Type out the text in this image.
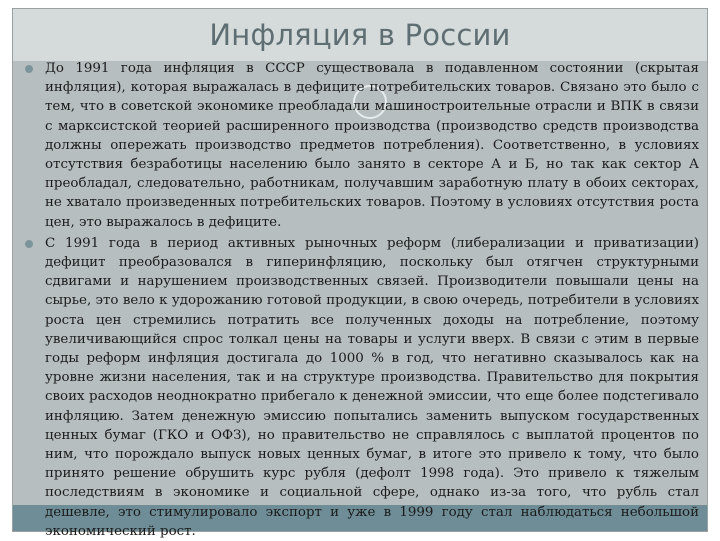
Инфляция в России
До 1991 года инфляция в СССР существовала в подавленном состоянии (скрытая инфляция), которая выражалась в дефиците потребительских товаров. Связано это было с тем, что в советской экономике преобладали машиностроительные отрасли и ВПК в связи с марксистской теорией расширенного производства (производство средств производства должны опережать производство предметов потребления). Соответственно, в условиях отсутствия безработицы населению было занято в секторе А и Б, но так как сектор А преобладал, следовательно, работникам, получавшим заработную плату в обоих секторах, не хватало произведенных потребительских товаров. Поэтому в условиях отсутствия роста цен, это выражалось в дефиците.
С 1991 года в период активных рыночных реформ (либерализации и приватизации) дефицит преобразовался в гиперинфляцию, поскольку был отягчен структурными сдвигами и нарушением производственных связей. Производители повышали цены на сырье, это вело к удорожанию готовой продукции, в свою очередь, потребители в условиях роста цен стремились потратить все полученных доходы на потребление, поэтому увеличивающийся спрос толкал цены на товары и услуги вверх. В связи с этим в первые годы реформ инфляция достигала до 1000 % в год, что негативно сказывалось как на уровне жизни населения, так и на структуре производства. Правительство для покрытия своих расходов неоднократно прибегало к денежной эмиссии, что еще более подстегивало инфляцию. Затем денежную эмиссию попытались заменить выпуском государственных ценных бумаг (ГКО и ОФЗ), но правительство не справлялось с выплатой процентов по ним, что порождало выпуск новых ценных бумаг, в итоге это привело к тому, что было принято решение обрушить курс рубля (дефолт 1998 года). Это привело к тяжелым последствиям в экономике и социальной сфере, однако из-за того, что рубль стал дешевле, это стимулировало экспорт и уже в 1999 году стал наблюдаться небольшой экономический рост.
